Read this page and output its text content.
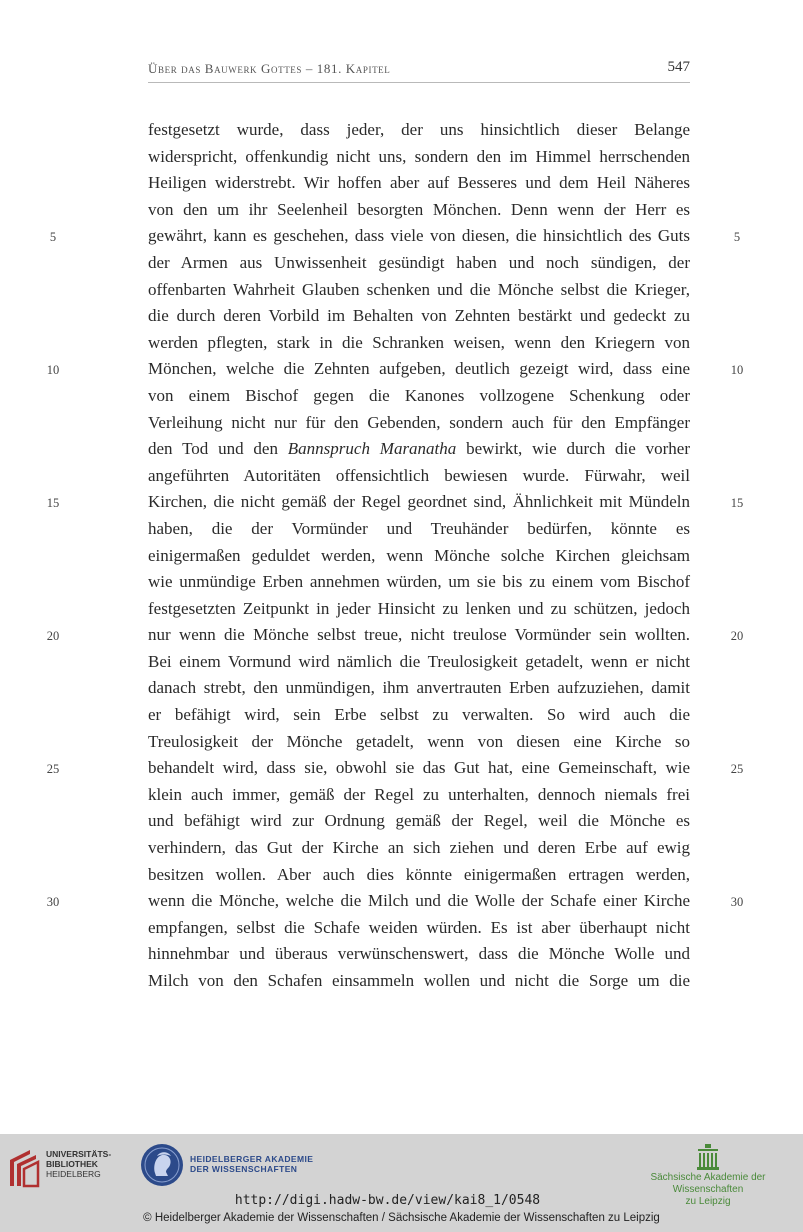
Über das Bauwerk Gottes – 181. Kapitel	547
festgesetzt wurde, dass jeder, der uns hinsichtlich dieser Belange
widerspricht, offenkundig nicht uns, sondern den im Himmel herrschenden
Heiligen widerstrebt. Wir hoffen aber auf Besseres und dem Heil Näheres
von den um ihr Seelenheil besorgten Mönchen. Denn wenn der Herr es
gewährt, kann es geschehen, dass viele von diesen, die hinsichtlich des Guts
der Armen aus Unwissenheit gesündigt haben und noch sündigen, der
offenbarten Wahrheit Glauben schenken und die Mönche selbst die Krieger,
die durch deren Vorbild im Behalten von Zehnten bestärkt und gedeckt zu
werden pflegten, stark in die Schranken weisen, wenn den Kriegern von
Mönchen, welche die Zehnten aufgeben, deutlich gezeigt wird, dass eine
von einem Bischof gegen die Kanones vollzogene Schenkung oder
Verleihung nicht nur für den Gebenden, sondern auch für den Empfänger
den Tod und den Bannspruch Maranatha bewirkt, wie durch die vorher
angeführten Autoritäten offensichtlich bewiesen wurde. Fürwahr, weil
Kirchen, die nicht gemäß der Regel geordnet sind, Ähnlichkeit mit Mündeln
haben, die der Vormünder und Treuhänder bedürfen, könnte es
einigermaßen geduldet werden, wenn Mönche solche Kirchen gleichsam
wie unmündige Erben annehmen würden, um sie bis zu einem vom Bischof
festgesetzten Zeitpunkt in jeder Hinsicht zu lenken und zu schützen, jedoch
nur wenn die Mönche selbst treue, nicht treulose Vormünder sein wollten.
Bei einem Vormund wird nämlich die Treulosigkeit getadelt, wenn er nicht
danach strebt, den unmündigen, ihm anvertrauten Erben aufzuziehen, damit
er befähigt wird, sein Erbe selbst zu verwalten. So wird auch die
Treulosigkeit der Mönche getadelt, wenn von diesen eine Kirche so
behandelt wird, dass sie, obwohl sie das Gut hat, eine Gemeinschaft, wie
klein auch immer, gemäß der Regel zu unterhalten, dennoch niemals frei
und befähigt wird zur Ordnung gemäß der Regel, weil die Mönche es
verhindern, das Gut der Kirche an sich ziehen und deren Erbe auf ewig
besitzen wollen. Aber auch dies könnte einigermaßen ertragen werden,
wenn die Mönche, welche die Milch und die Wolle der Schafe einer Kirche
empfangen, selbst die Schafe weiden würden. Es ist aber überhaupt nicht
hinnehmbar und überaus verwünschenswert, dass die Mönche Wolle und
Milch von den Schafen einsammeln wollen und nicht die Sorge um die
5
10
15
20
25
30
5
10
15
20
25
30
UNIVERSITÄTS-
BIBLIOTHEK
HEIDELBERG
HEIDELBERGER AKADEMIE
DER WISSENSCHAFTEN
Sächsische Akademie der Wissenschaften
zu Leipzig
http://digi.hadw-bw.de/view/kai8_1/0548
© Heidelberger Akademie der Wissenschaften / Sächsische Akademie der Wissenschaften zu Leipzig
